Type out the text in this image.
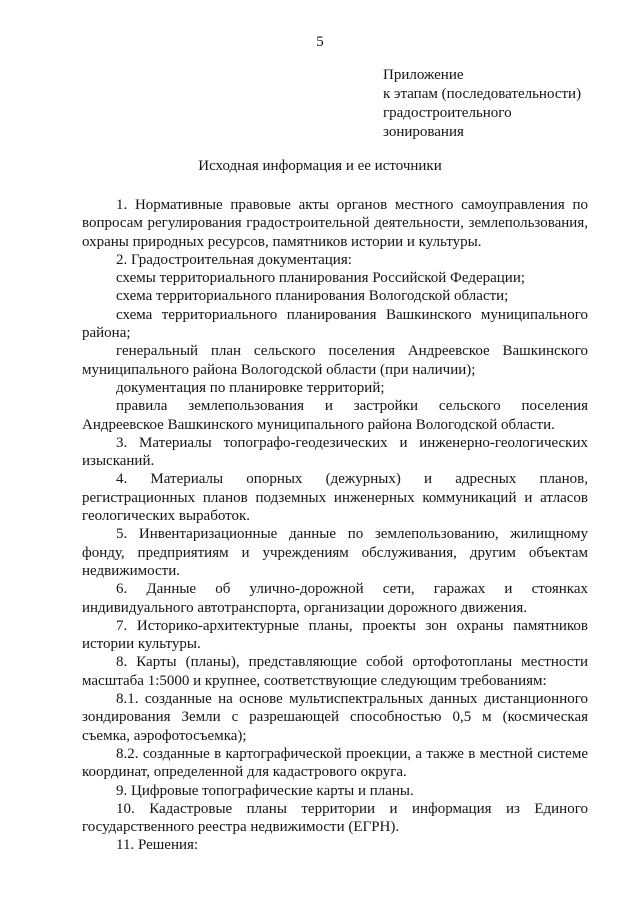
5
Приложение
к этапам (последовательности)
градостроительного
зонирования
Исходная информация и ее источники

1. Нормативные правовые акты органов местного самоуправления по вопросам регулирования градостроительной деятельности, землепользования, охраны природных ресурсов, памятников истории и культуры.

2. Градостроительная документация:

схемы территориального планирования Российской Федерации;

схема территориального планирования Вологодской области;

схема территориального планирования Вашкинского муниципального района;

генеральный план сельского поселения Андреевское Вашкинского муниципального района Вологодской области (при наличии);

документация по планировке территорий;

правила землепользования и застройки сельского поселения Андреевское Вашкинского муниципального района Вологодской области.

3. Материалы топографо-геодезических и инженерно-геологических изысканий.

4. Материалы опорных (дежурных) и адресных планов, регистрационных планов подземных инженерных коммуникаций и атласов геологических выработок.

5. Инвентаризационные данные по землепользованию, жилищному фонду, предприятиям и учреждениям обслуживания, другим объектам недвижимости.

6. Данные об улично-дорожной сети, гаражах и стоянках индивидуального автотранспорта, организации дорожного движения.

7. Историко-архитектурные планы, проекты зон охраны памятников истории культуры.

8. Карты (планы), представляющие собой ортофотопланы местности масштаба 1:5000 и крупнее, соответствующие следующим требованиям:

8.1. созданные на основе мультиспектральных данных дистанционного зондирования Земли с разрешающей способностью 0,5 м (космическая съемка, аэрофотосъемка);

8.2. созданные в картографической проекции, а также в местной системе координат, определенной для кадастрового округа.

9. Цифровые топографические карты и планы.

10. Кадастровые планы территории и информация из Единого государственного реестра недвижимости (ЕГРН).

11. Решения:
